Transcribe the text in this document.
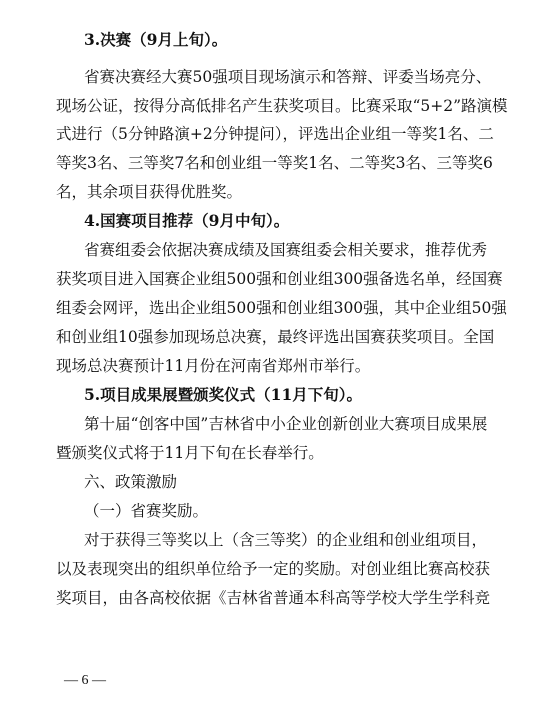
3.决赛（9月上旬）。
省赛决赛经大赛50强项目现场演示和答辩、评委当场亮分、
现场公证，按得分高低排名产生获奖项目。比赛采取“5+2”路演模
式进行（5分钟路演+2分钟提问），评选出企业组一等奖1名、二
等奖3名、三等奖7名和创业组一等奖1名、二等奖3名、三等奖6
名，其余项目获得优胜奖。
4.国赛项目推荐（9月中旬）。
省赛组委会依据决赛成绩及国赛组委会相关要求，推荐优秀
获奖项目进入国赛企业组500强和创业组300强备选名单，经国赛
组委会网评，选出企业组500强和创业组300强，其中企业组50强
和创业组10强参加现场总决赛，最终评选出国赛获奖项目。全国
现场总决赛预计11月份在河南省郑州市举行。
5.项目成果展暨颁奖仪式（11月下旬）。
第十届“创客中国”吉林省中小企业创新创业大赛项目成果展
暨颁奖仪式将于11月下旬在长春举行。
六、政策激励
（一）省赛奖励。
对于获得三等奖以上（含三等奖）的企业组和创业组项目，
以及表现突出的组织单位给予一定的奖励。对创业组比赛高校获
奖项目，由各高校依据《吉林省普通本科高等学校大学生学科竞
— 6 —
